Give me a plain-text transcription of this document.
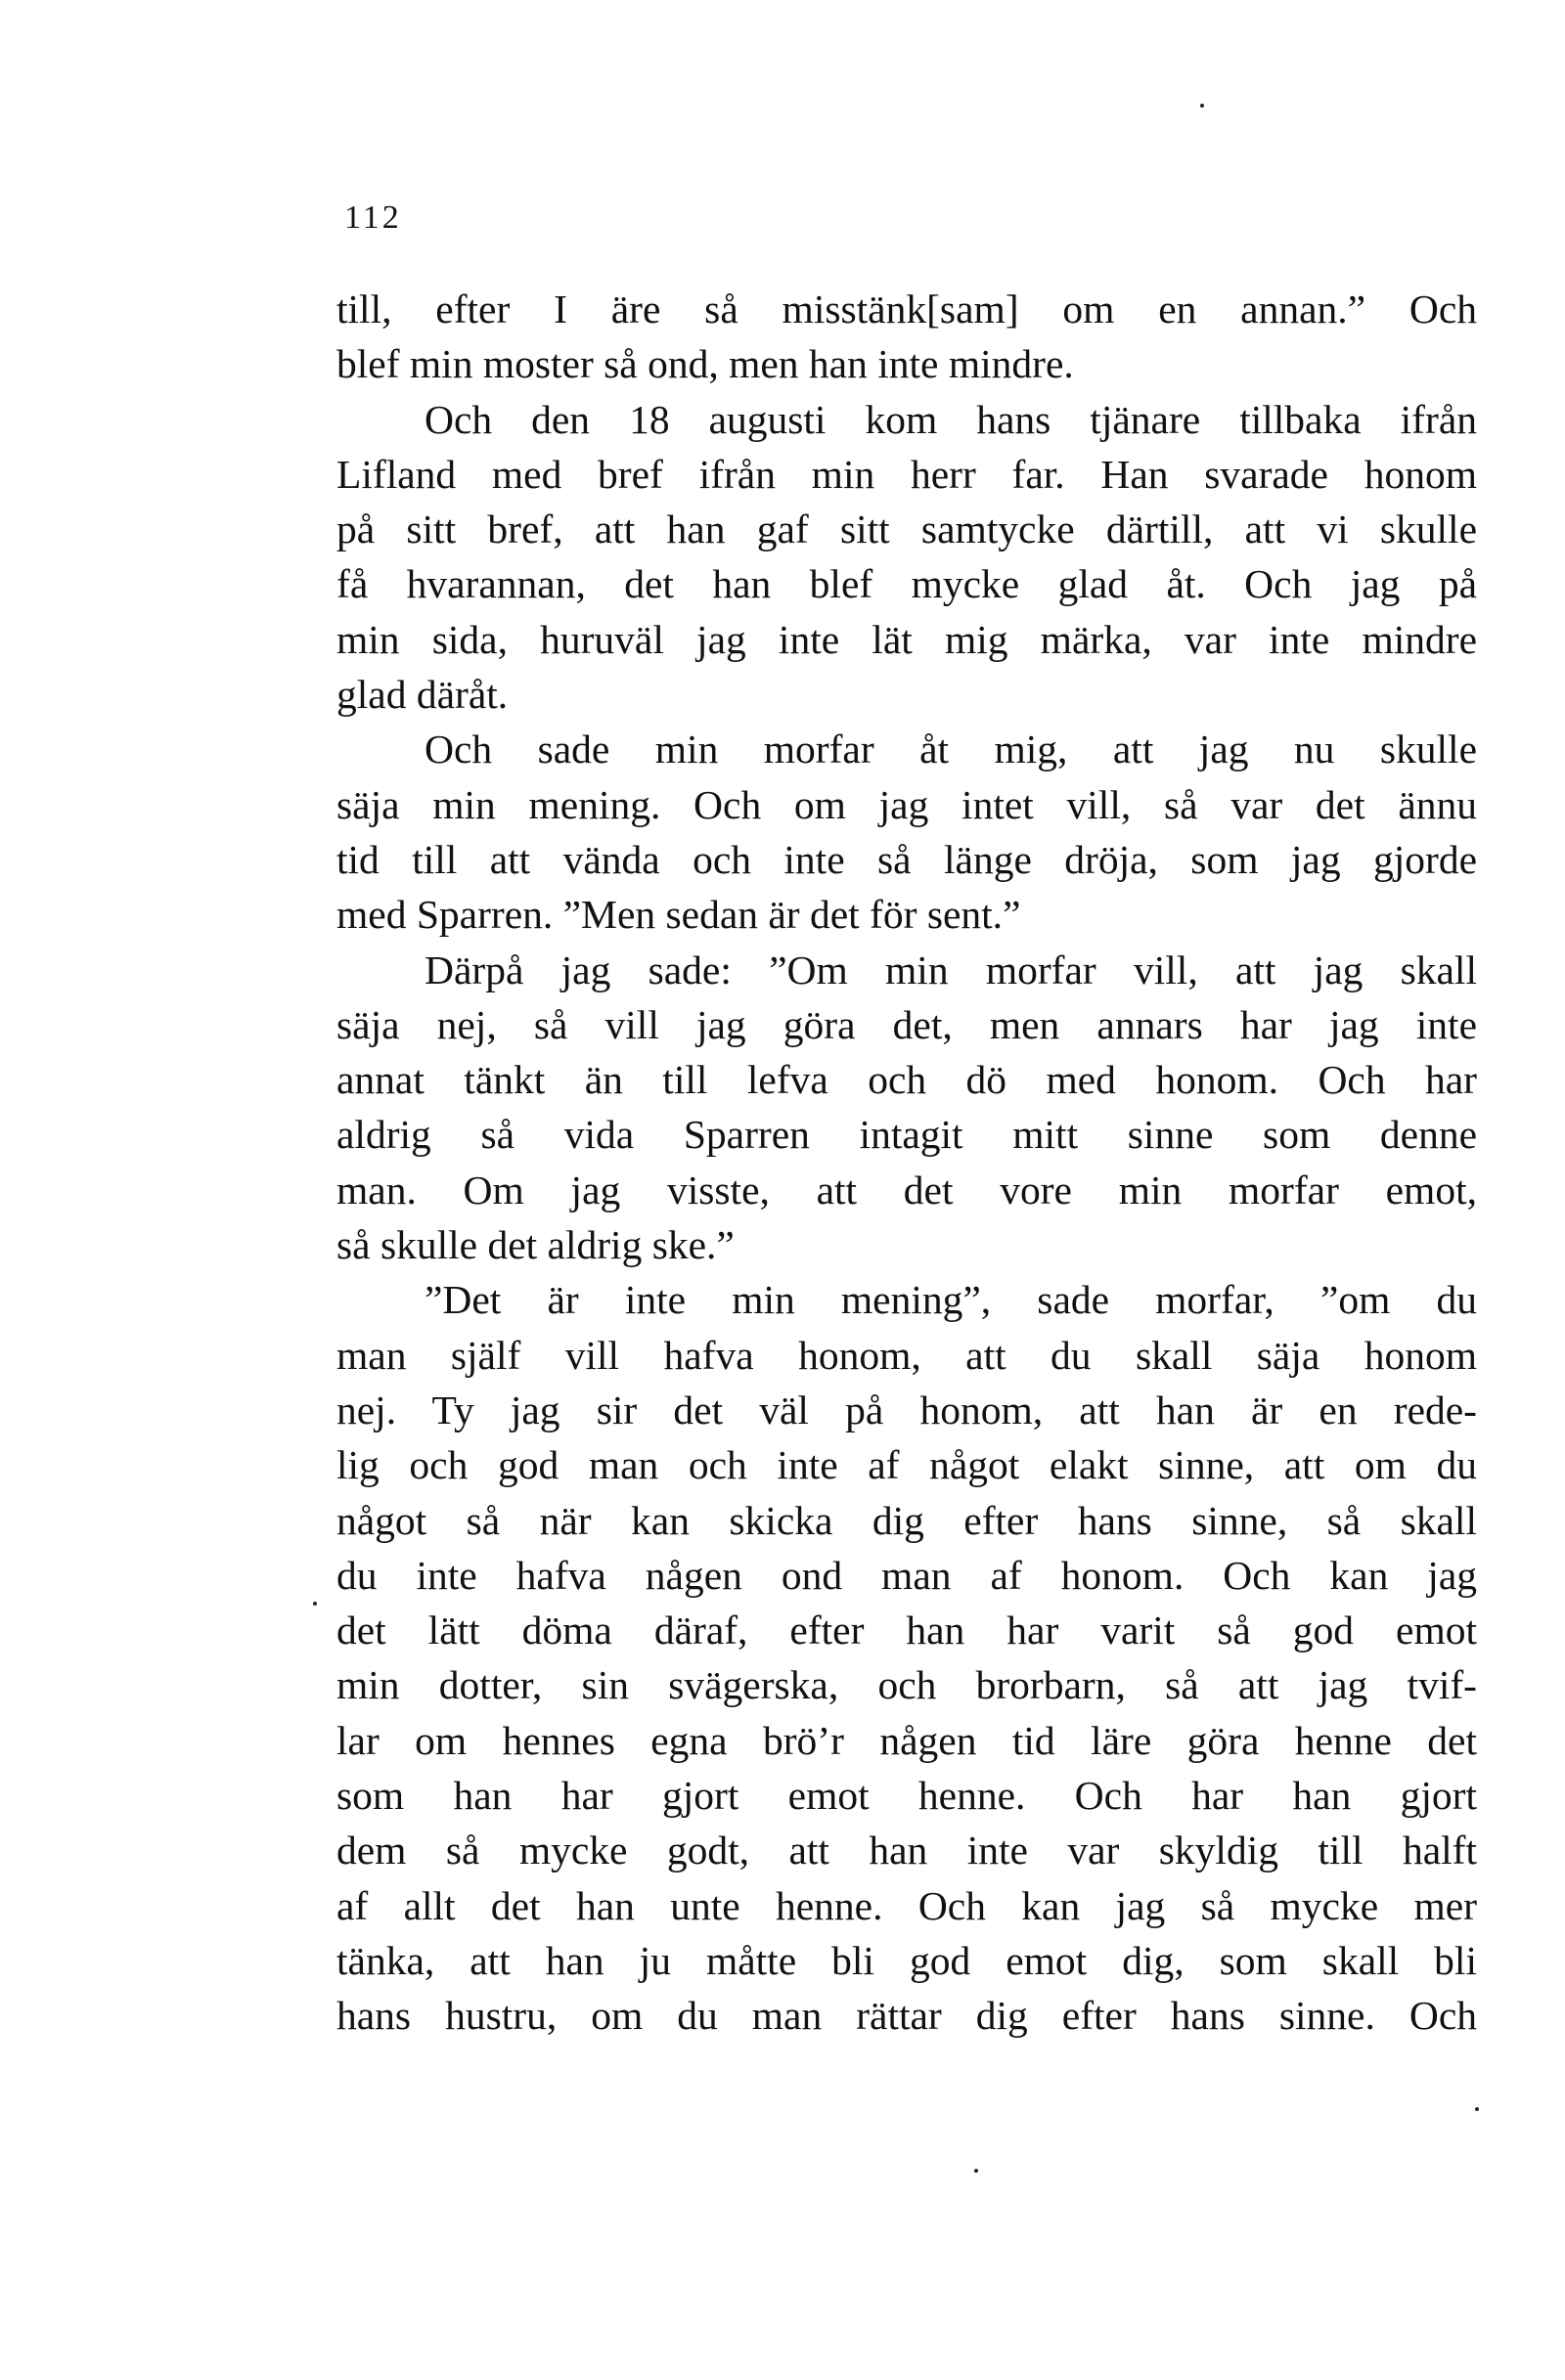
112
till, efter I äre så misstänk[sam] om en annan.” Och
blef min moster så ond, men han inte mindre.
Och den 18 augusti kom hans tjänare tillbaka ifrån
Lifland med bref ifrån min herr far. Han svarade honom
på sitt bref, att han gaf sitt samtycke därtill, att vi skulle
få hvarannan, det han blef mycke glad åt. Och jag på
min sida, huruväl jag inte lät mig märka, var inte mindre
glad däråt.
Och sade min morfar åt mig, att jag nu skulle
säja min mening. Och om jag intet vill, så var det ännu
tid till att vända och inte så länge dröja, som jag gjorde
med Sparren. ”Men sedan är det för sent.”
Därpå jag sade: ”Om min morfar vill, att jag skall
säja nej, så vill jag göra det, men annars har jag inte
annat tänkt än till lefva och dö med honom. Och har
aldrig så vida Sparren intagit mitt sinne som denne
man. Om jag visste, att det vore min morfar emot,
så skulle det aldrig ske.”
”Det är inte min mening”, sade morfar, ”om du
man själf vill hafva honom, att du skall säja honom
nej. Ty jag sir det väl på honom, att han är en rede-
lig och god man och inte af något elakt sinne, att om du
något så när kan skicka dig efter hans sinne, så skall
du inte hafva någen ond man af honom. Och kan jag
det lätt döma däraf, efter han har varit så god emot
min dotter, sin svägerska, och brorbarn, så att jag tvif-
lar om hennes egna brö’r någen tid läre göra henne det
som han har gjort emot henne. Och har han gjort
dem så mycke godt, att han inte var skyldig till halft
af allt det han unte henne. Och kan jag så mycke mer
tänka, att han ju måtte bli god emot dig, som skall bli
hans hustru, om du man rättar dig efter hans sinne. Och
